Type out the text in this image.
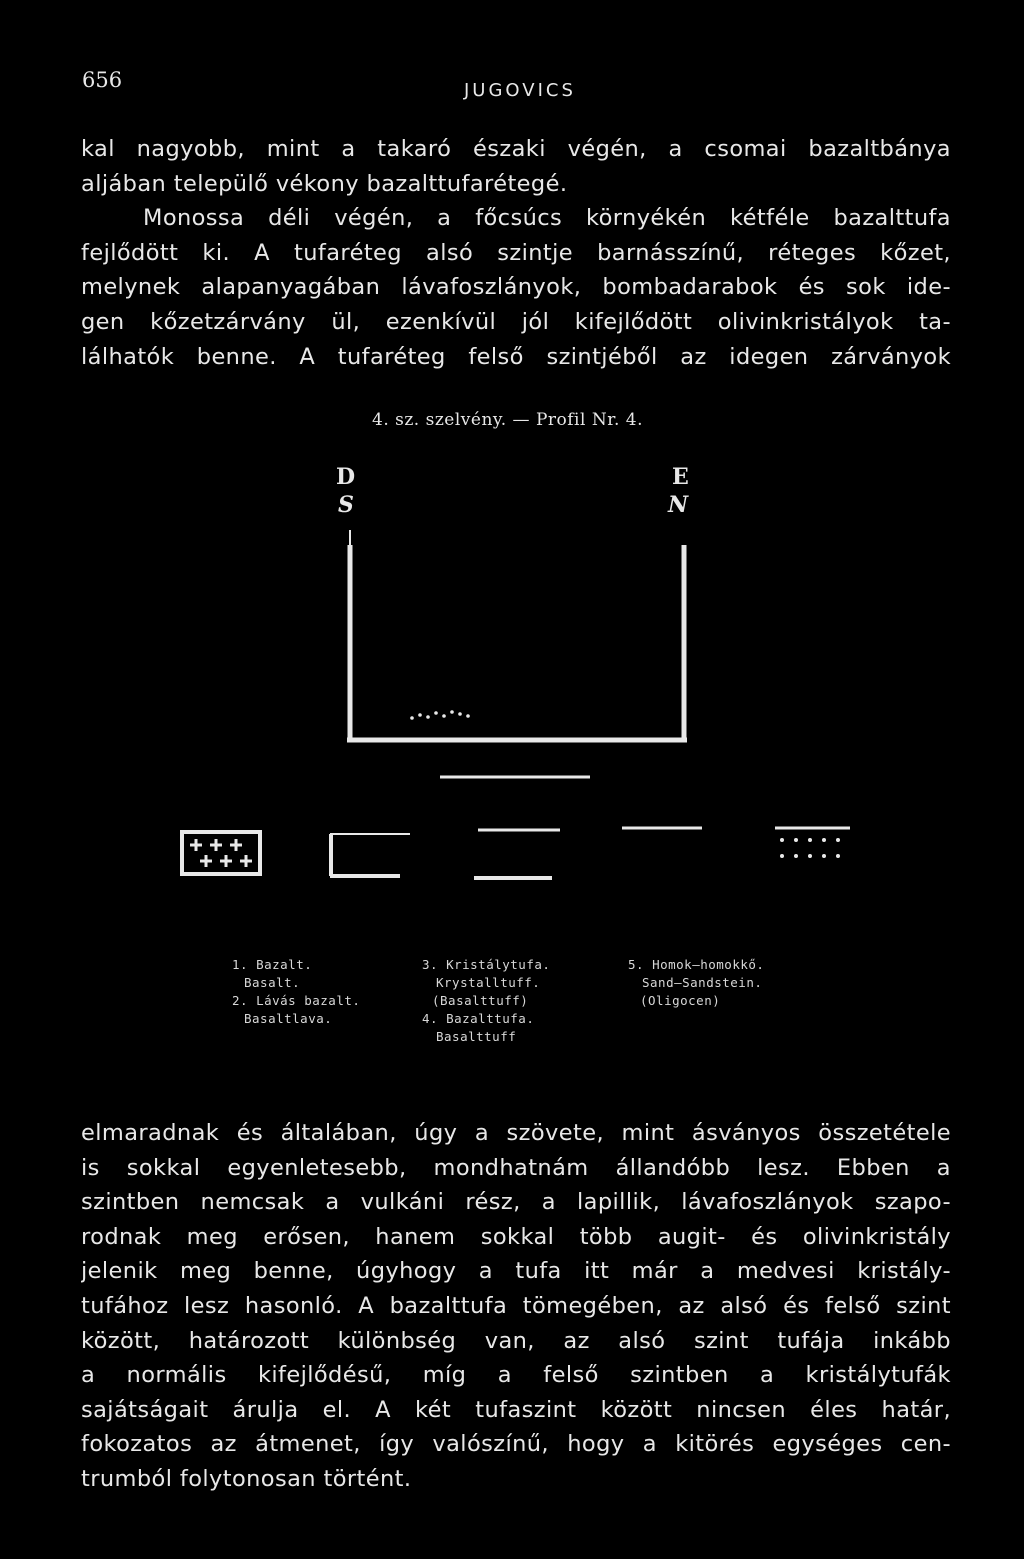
656	JUGOVICS
kal nagyobb, mint a takaró északi végén, a csomai bazaltbánya
aljában települő vékony bazalttufarétegé.
Monossa déli végén, a főcsúcs környékén kétféle bazalttufa
fejlődött ki. A tufaréteg alsó szintje barnásszínű, réteges kőzet,
melynek alapanyagában lávafoszlányok, bombadarabok és sok ide-
gen kőzetzárvány ül, ezenkívül jól kifejlődött olivinkristályok ta-
lálhatók benne. A tufaréteg felső szintjéből az idegen zárványok
4. sz. szelvény. — Profil Nr. 4.
D
S
E
N
1. Bazalt.
Basalt.
2. Lávás bazalt.
Basaltlava.
3. Kristálytufa.
Krystalltuff.
(Basalttuff)
4. Bazalttufa.
Basalttuff
5. Homok—homokkő.
Sand—Sandstein.
(Oligocen)
elmaradnak és általában, úgy a szövete, mint ásványos összetétele
is sokkal egyenletesebb, mondhatnám állandóbb lesz. Ebben a
szintben nemcsak a vulkáni rész, a lapillik, lávafoszlányok szapo-
rodnak meg erősen, hanem sokkal több augit- és olivinkristály
jelenik meg benne, úgyhogy a tufa itt már a medvesi kristály-
tufához lesz hasonló. A bazalttufa tömegében, az alsó és felső szint
között, határozott különbség van, az alsó szint tufája inkább
a normális kifejlődésű, míg a felső szintben a kristálytufák
sajátságait árulja el. A két tufaszint között nincsen éles határ,
fokozatos az átmenet, így valószínű, hogy a kitörés egységes cen-
trumból folytonosan történt.
